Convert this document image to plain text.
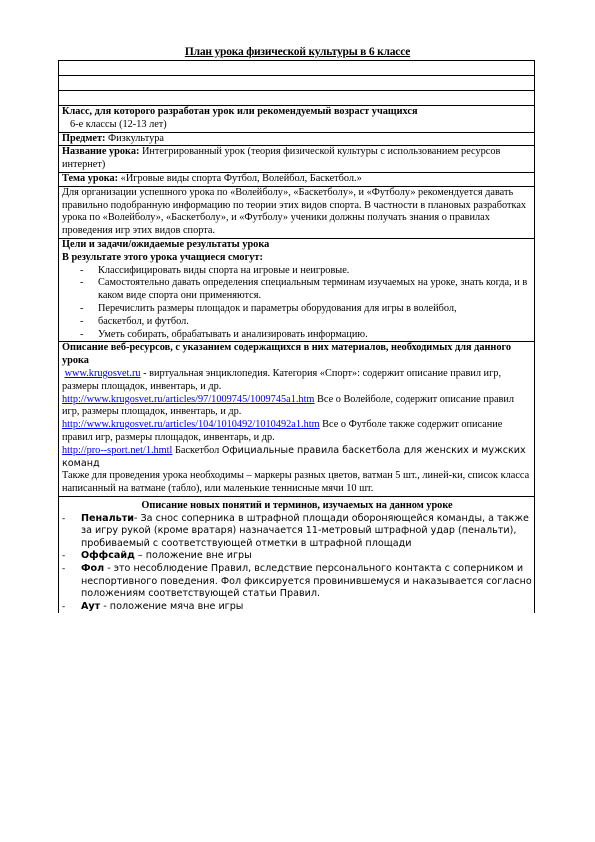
План урока физической культуры в 6 классе

Класс, для которого разработан урок или рекомендуемый возраст учащихся
6-е классы (12-13 лет)

Предмет: Физкультура
Название урока: Интегрированный урок (теория физической культуры с использованием ресурсов интернет)
Тема урока: «Игровые виды спорта Футбол, Волейбол, Баскетбол.»

Для организации успешного урока по «Волейболу», «Баскетболу», и «Футболу» рекомендуется давать правильно подобранную информацию по теории этих видов спорта. В частности в плановых разработках урока по «Волейболу», «Баскетболу», и «Футболу» ученики должны получать знания о правилах проведения игр этих видов спорта.

Цели и задачи/ожидаемые результаты урока
В результате этого урока учащиеся смогут:
- Классифицировать виды спорта на игровые и неигровые.
- Самостоятельно давать определения специальным терминам изучаемых на уроке, знать когда, и в каком виде спорта они применяются.
- Перечислить размеры площадок и параметры оборудования для игры в волейбол,
- баскетбол, и футбол.
- Уметь собирать, обрабатывать и анализировать информацию.

Описание веб-ресурсов, с указанием содержащихся в них материалов, необходимых для данного урока
www.krugosvet.ru - виртуальная энциклопедия. Категория «Спорт»: содержит описание правил игр, размеры площадок, инвентарь, и др.
http://www.krugosvet.ru/articles/97/1009745/1009745a1.htm Все о Волейболе, содержит описание правил игр, размеры площадок, инвентарь, и др.
http://www.krugosvet.ru/articles/104/1010492/1010492a1.htm Все о Футболе также содержит описание правил игр, размеры площадок, инвентарь, и др.
http://pro--sport.net/1.hmtl Баскетбол Официальные правила баскетбола для женских и мужских команд
Также для проведения урока необходимы – маркеры разных цветов, ватман 5 шт., линей-ки, список класса написанный на ватмане (табло), или маленькие теннисные мячи 10 шт.

Описание новых понятий и терминов, изучаемых на данном уроке
- Пенальти- За снос соперника в штрафной площади обороняющейся команды, а также за игру рукой (кроме вратаря) назначается 11-метровый штрафной удар (пенальти), пробиваемый с соответствующей отметки в штрафной площади
- Оффсайд – положение вне игры
- Фол - это несоблюдение Правил, вследствие персонального контакта с соперником и неспортивного поведения. Фол фиксируется провинившемуся и наказывается согласно положениям соответствующей статьи Правил.
- Аут - положение мяча вне игры
